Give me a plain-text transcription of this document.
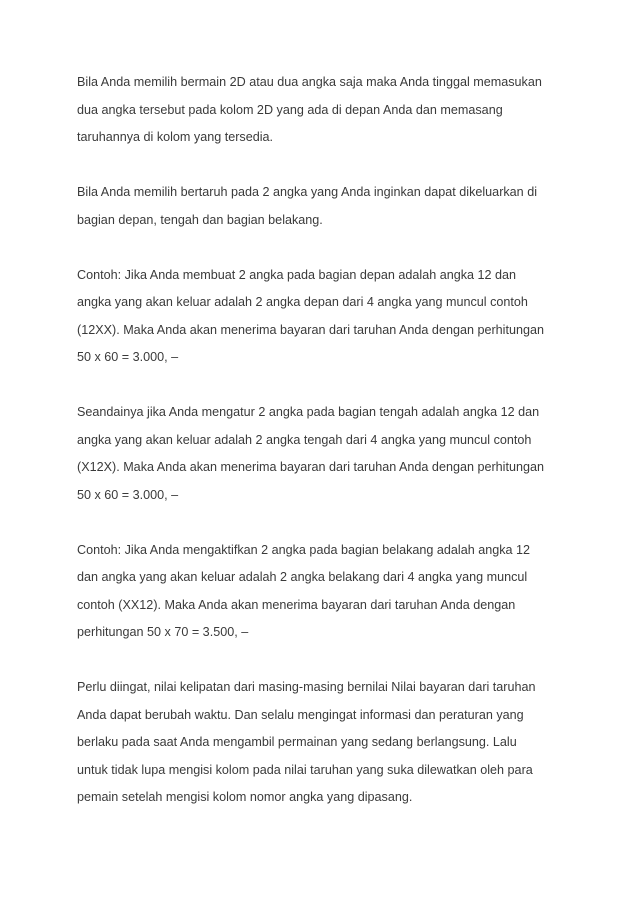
Bila Anda memilih bermain 2D atau dua angka saja maka Anda tinggal memasukan
dua angka tersebut pada kolom 2D yang ada di depan Anda dan memasang
taruhannya di kolom yang tersedia.

Bila Anda memilih bertaruh pada 2 angka yang Anda inginkan dapat dikeluarkan di
bagian depan, tengah dan bagian belakang.

Contoh: Jika Anda membuat 2 angka pada bagian depan adalah angka 12 dan
angka yang akan keluar adalah 2 angka depan dari 4 angka yang muncul contoh
(12XX). Maka Anda akan menerima bayaran dari taruhan Anda dengan perhitungan
50 x 60 = 3.000, –

Seandainya jika Anda mengatur 2 angka pada bagian tengah adalah angka 12 dan
angka yang akan keluar adalah 2 angka tengah dari 4 angka yang muncul contoh
(X12X). Maka Anda akan menerima bayaran dari taruhan Anda dengan perhitungan
50 x 60 = 3.000, –

Contoh: Jika Anda mengaktifkan 2 angka pada bagian belakang adalah angka 12
dan angka yang akan keluar adalah 2 angka belakang dari 4 angka yang muncul
contoh (XX12). Maka Anda akan menerima bayaran dari taruhan Anda dengan
perhitungan 50 x 70 = 3.500, –

Perlu diingat, nilai kelipatan dari masing-masing bernilai Nilai bayaran dari taruhan
Anda dapat berubah waktu. Dan selalu mengingat informasi dan peraturan yang
berlaku pada saat Anda mengambil permainan yang sedang berlangsung. Lalu
untuk tidak lupa mengisi kolom pada nilai taruhan yang suka dilewatkan oleh para
pemain setelah mengisi kolom nomor angka yang dipasang.
